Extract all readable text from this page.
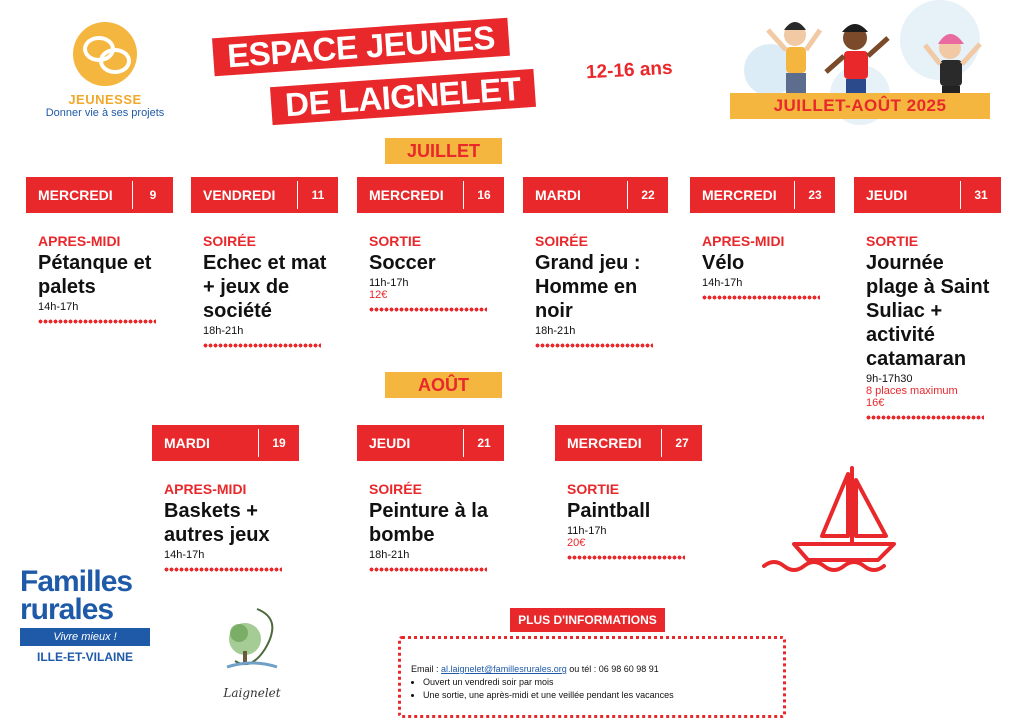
JEUNESSE
Donner vie à ses projets
ESPACE JEUNES
DE LAIGNELET	12-16 ans
JUILLET-AOÛT 2025
JUILLET
MERCREDI	9
APRES-MIDI
Pétanque et palets
14h-17h
VENDREDI	11
SOIRÉE
Echec et mat + jeux de société
18h-21h
MERCREDI	16
SORTIE
Soccer
11h-17h
12€
MARDI	22
SOIRÉE
Grand jeu : Homme en noir
18h-21h
MERCREDI	23
APRES-MIDI
Vélo
14h-17h
JEUDI	31
SORTIE
Journée plage à Saint Suliac + activité catamaran
9h-17h30
8 places maximum
16€
AOÛT
MARDI	19
APRES-MIDI
Baskets + autres jeux
14h-17h
JEUDI	21
SOIRÉE
Peinture à la bombe
18h-21h
MERCREDI	27
SORTIE
Paintball
11h-17h
20€
Familles
rurales
Vivre mieux !
ILLE-ET-VILAINE
Laignelet
PLUS D'INFORMATIONS
Email : al.laignelet@famillesrurales.org ou tél : 06 98 60 98 91
• Ouvert un vendredi soir par mois
• Une sortie, une après-midi et une veillée pendant les vacances
